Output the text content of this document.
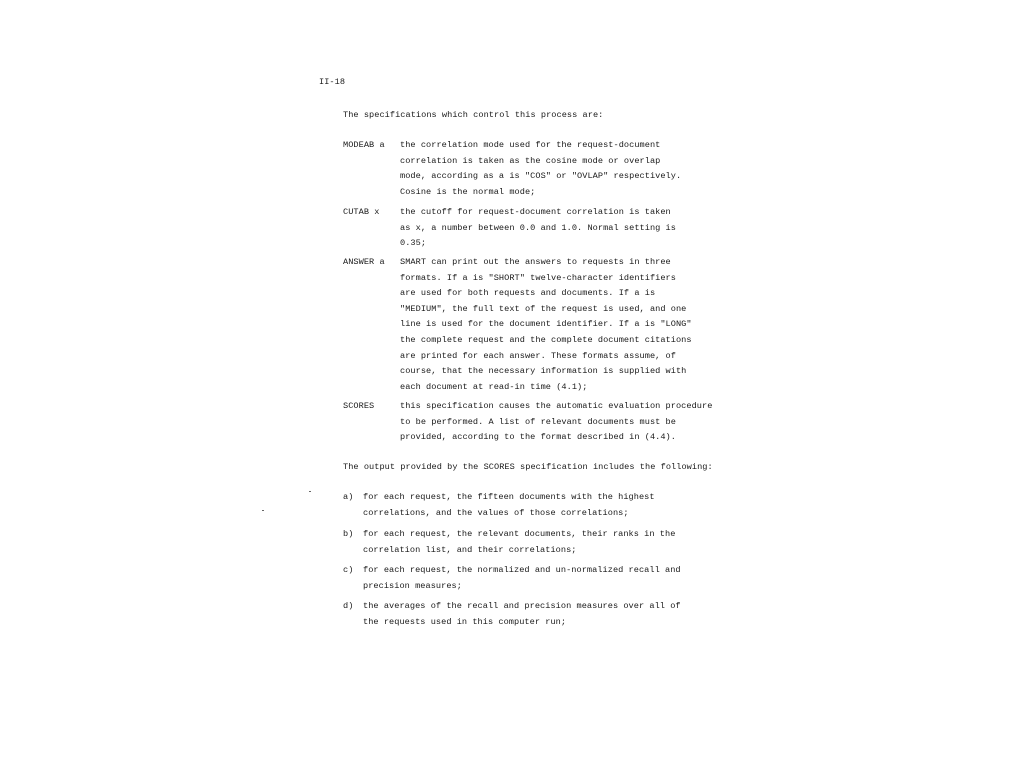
II-18
The specifications which control this process are:
MODEAB a the correlation mode used for the request-document
correlation is taken as the cosine mode or overlap
mode, according as a is "COS" or "OVLAP" respectively.
Cosine is the normal mode;
CUTAB x the cutoff for request-document correlation is taken
as x, a number between 0.0 and 1.0. Normal setting is
0.35;
ANSWER a SMART can print out the answers to requests in three
formats. If a is "SHORT" twelve-character identifiers
are used for both requests and documents. If a is
"MEDIUM", the full text of the request is used, and one
line is used for the document identifier. If a is "LONG"
the complete request and the complete document citations
are printed for each answer. These formats assume, of
course, that the necessary information is supplied with
each document at read-in time (4.1);
SCORES	this specification causes the automatic evaluation procedure
to be performed. A list of relevant documents must be
provided, according to the format described in (4.4).
The output provided by the SCORES specification includes the following:
a) for each request, the fifteen documents with the highest
correlations, and the values of those correlations;
b) for each request, the relevant documents, their ranks in the
correlation list, and their correlations;
c) for each request, the normalized and un-normalized recall and
precision measures;
d) the averages of the recall and precision measures over all of
the requests used in this computer run;
